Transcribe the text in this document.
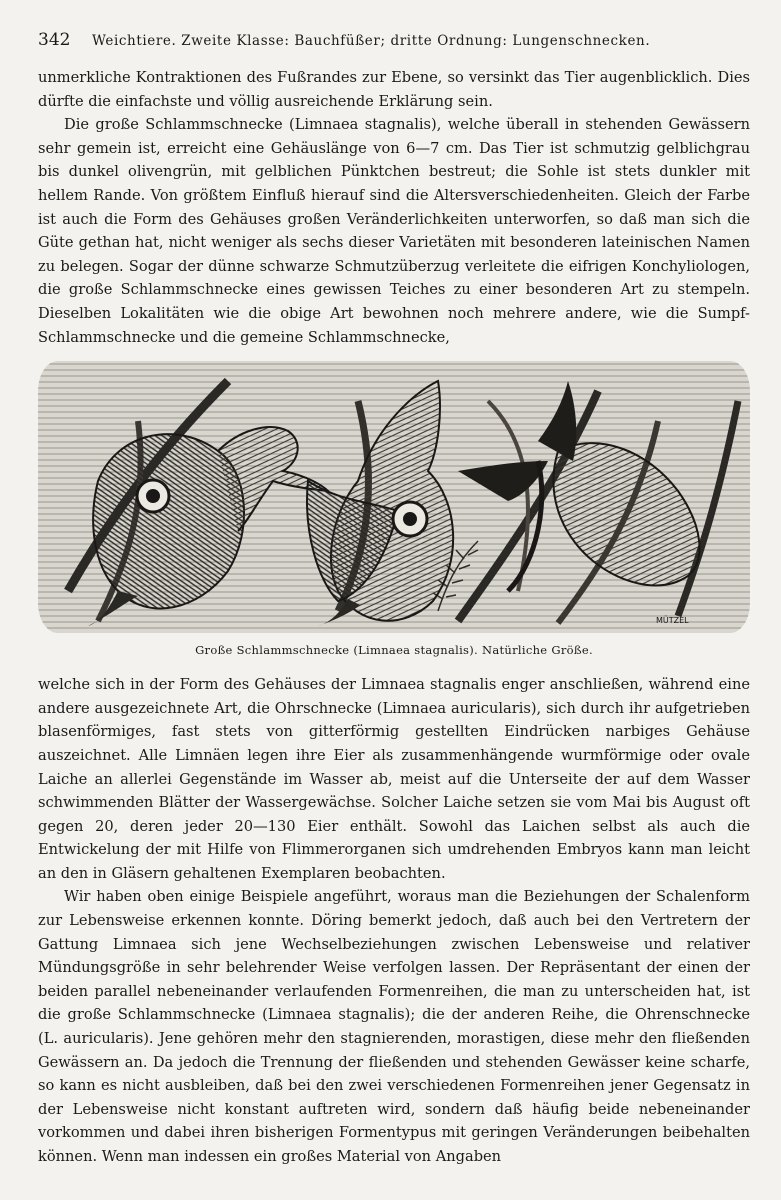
342	Weichtiere. Zweite Klasse: Bauchfüßer; dritte Ordnung: Lungenschnecken.

unmerkliche Kontraktionen des Fußrandes zur Ebene, so versinkt das Tier augenblicklich. Dies dürfte die einfachste und völlig ausreichende Erklärung sein.

Die große Schlammschnecke (Limnaea stagnalis), welche überall in stehenden Gewässern sehr gemein ist, erreicht eine Gehäuslänge von 6—7 cm. Das Tier ist schmutzig gelblichgrau bis dunkel olivengrün, mit gelblichen Pünktchen bestreut; die Sohle ist stets dunkler mit hellem Rande. Von größtem Einfluß hierauf sind die Altersverschiedenheiten. Gleich der Farbe ist auch die Form des Gehäuses großen Veränderlichkeiten unterworfen, so daß man sich die Güte gethan hat, nicht weniger als sechs dieser Varietäten mit besonderen lateinischen Namen zu belegen. Sogar der dünne schwarze Schmutzüberzug verleitete die eifrigen Konchyliologen, die große Schlammschnecke eines gewissen Teiches zu einer besonderen Art zu stempeln. Dieselben Lokalitäten wie die obige Art bewohnen noch mehrere andere, wie die Sumpf-Schlammschnecke und die gemeine Schlammschnecke,

MÜTZEL
Große Schlammschnecke (Limnaea stagnalis). Natürliche Größe.

welche sich in der Form des Gehäuses der Limnaea stagnalis enger anschließen, während eine andere ausgezeichnete Art, die Ohrschnecke (Limnaea auricularis), sich durch ihr aufgetrieben blasenförmiges, fast stets von gitterförmig gestellten Eindrücken narbiges Gehäuse auszeichnet. Alle Limnäen legen ihre Eier als zusammenhängende wurmförmige oder ovale Laiche an allerlei Gegenstände im Wasser ab, meist auf die Unterseite der auf dem Wasser schwimmenden Blätter der Wassergewächse. Solcher Laiche setzen sie vom Mai bis August oft gegen 20, deren jeder 20—130 Eier enthält. Sowohl das Laichen selbst als auch die Entwickelung der mit Hilfe von Flimmerorganen sich umdrehenden Embryos kann man leicht an den in Gläsern gehaltenen Exemplaren beobachten.

Wir haben oben einige Beispiele angeführt, woraus man die Beziehungen der Schalenform zur Lebensweise erkennen konnte. Döring bemerkt jedoch, daß auch bei den Vertretern der Gattung Limnaea sich jene Wechselbeziehungen zwischen Lebensweise und relativer Mündungsgröße in sehr belehrender Weise verfolgen lassen. Der Repräsentant der einen der beiden parallel nebeneinander verlaufenden Formenreihen, die man zu unterscheiden hat, ist die große Schlammschnecke (Limnaea stagnalis); die der anderen Reihe, die Ohrenschnecke (L. auricularis). Jene gehören mehr den stagnierenden, morastigen, diese mehr den fließenden Gewässern an. Da jedoch die Trennung der fließenden und stehenden Gewässer keine scharfe, so kann es nicht ausbleiben, daß bei den zwei verschiedenen Formenreihen jener Gegensatz in der Lebensweise nicht konstant auftreten wird, sondern daß häufig beide nebeneinander vorkommen und dabei ihren bisherigen Formentypus mit geringen Veränderungen beibehalten können. Wenn man indessen ein großes Material von Angaben
